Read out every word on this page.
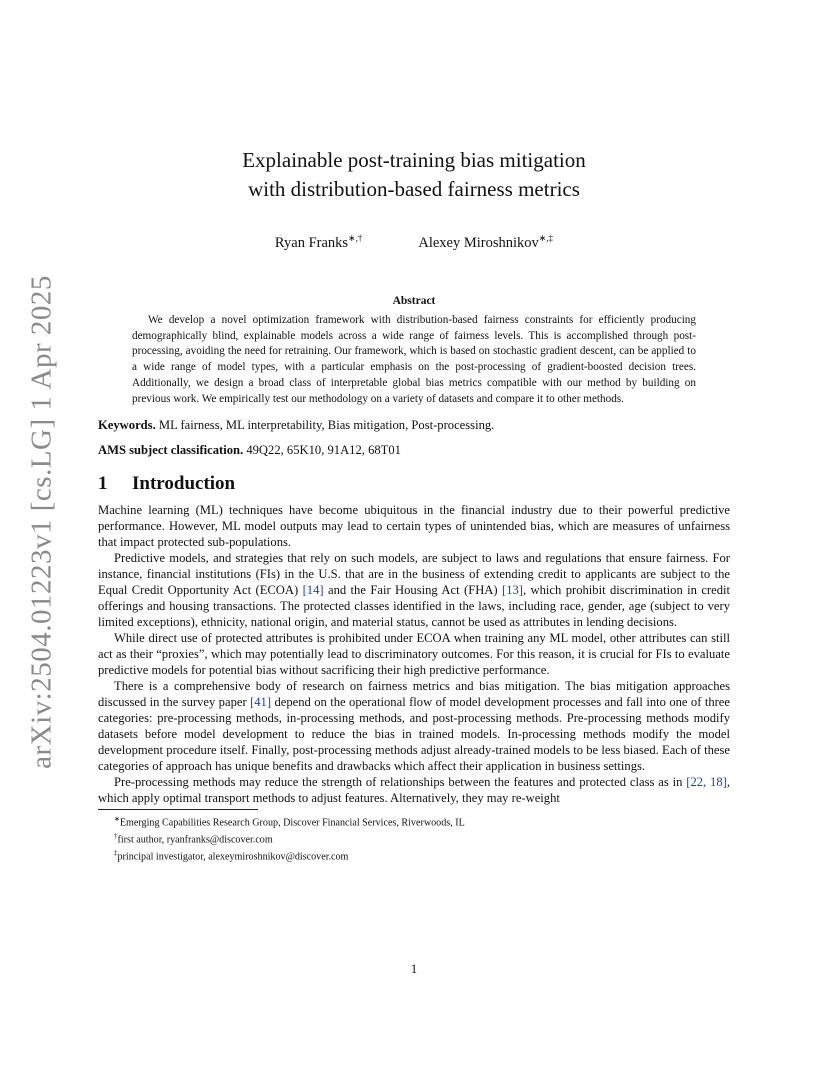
arXiv:2504.01223v1 [cs.LG] 1 Apr 2025
Explainable post-training bias mitigation
with distribution-based fairness metrics
Ryan Franks∗,†	Alexey Miroshnikov∗,‡
Abstract

We develop a novel optimization framework with distribution-based fairness constraints for efficiently producing demographically blind, explainable models across a wide range of fairness levels. This is accomplished through post-processing, avoiding the need for retraining. Our framework, which is based on stochastic gradient descent, can be applied to a wide range of model types, with a particular emphasis on the post-processing of gradient-boosted decision trees. Additionally, we design a broad class of interpretable global bias metrics compatible with our method by building on previous work. We empirically test our methodology on a variety of datasets and compare it to other methods.

Keywords. ML fairness, ML interpretability, Bias mitigation, Post-processing.
AMS subject classification. 49Q22, 65K10, 91A12, 68T01
1 Introduction

Machine learning (ML) techniques have become ubiquitous in the financial industry due to their powerful predictive performance. However, ML model outputs may lead to certain types of unintended bias, which are measures of unfairness that impact protected sub-populations.

Predictive models, and strategies that rely on such models, are subject to laws and regulations that ensure fairness. For instance, financial institutions (FIs) in the U.S. that are in the business of extending credit to applicants are subject to the Equal Credit Opportunity Act (ECOA) [14] and the Fair Housing Act (FHA) [13], which prohibit discrimination in credit offerings and housing transactions. The protected classes identified in the laws, including race, gender, age (subject to very limited exceptions), ethnicity, national origin, and material status, cannot be used as attributes in lending decisions.

While direct use of protected attributes is prohibited under ECOA when training any ML model, other attributes can still act as their “proxies”, which may potentially lead to discriminatory outcomes. For this reason, it is crucial for FIs to evaluate predictive models for potential bias without sacrificing their high predictive performance.

There is a comprehensive body of research on fairness metrics and bias mitigation. The bias mitigation approaches discussed in the survey paper [41] depend on the operational flow of model development processes and fall into one of three categories: pre-processing methods, in-processing methods, and post-processing methods. Pre-processing methods modify datasets before model development to reduce the bias in trained models. In-processing methods modify the model development procedure itself. Finally, post-processing methods adjust already-trained models to be less biased. Each of these categories of approach has unique benefits and drawbacks which affect their application in business settings.

Pre-processing methods may reduce the strength of relationships between the features and protected class as in [22, 18], which apply optimal transport methods to adjust features. Alternatively, they may re-weight

∗Emerging Capabilities Research Group, Discover Financial Services, Riverwoods, IL
†first author, ryanfranks@discover.com
‡principal investigator, alexeymiroshnikov@discover.com
1
